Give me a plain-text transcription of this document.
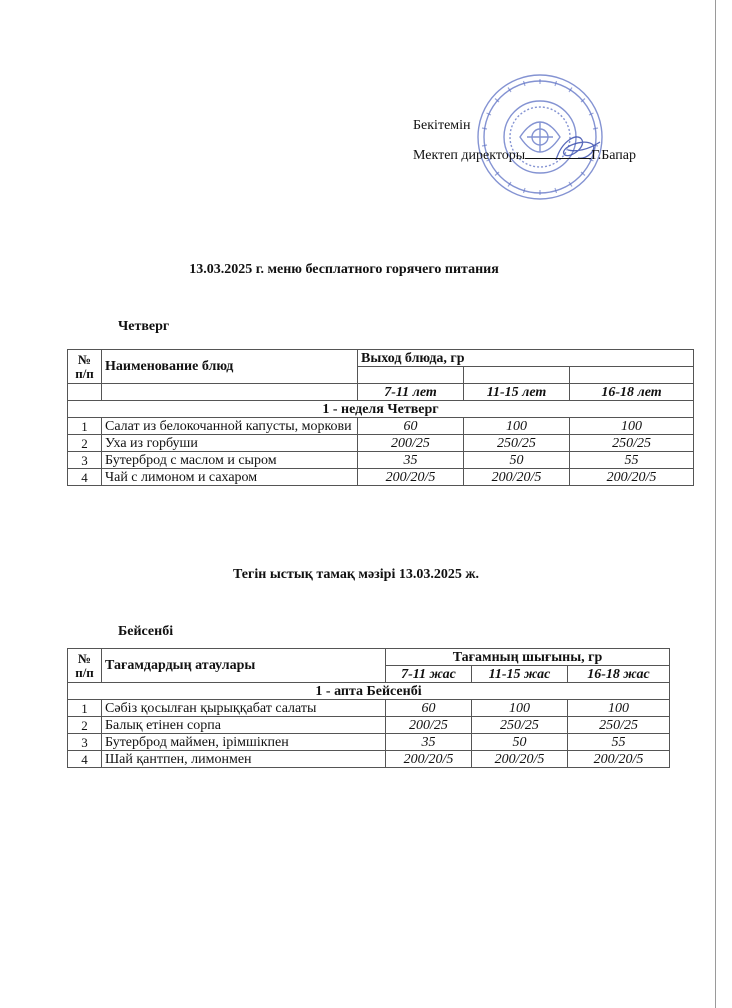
Бекітемін
Мектеп директоры	Г.Бапар
13.03.2025 г. меню бесплатного горячего питания
Четверг
№ п/п	Наименование блюд	Выход блюда, гр		

		7-11 лет	11-15 лет	16-18 лет
1 - неделя Четверг				
1	Салат из белокочанной капусты, моркови	60	100	100
2	Уха из горбуши	200/25	250/25	250/25
3	Бутерброд с маслом и сыром	35	50	55
4	Чай с лимоном и сахаром	200/20/5	200/20/5	200/20/5
Тегін ыстық тамақ мәзірі 13.03.2025 ж.
Бейсенбі
№ п/п	Тағамдардың атаулары	Тағамның шығыны, гр		
		7-11 жас	11-15 жас	16-18 жас
1 - апта Бейсенбі				
1	Сәбіз қосылған қырыққабат салаты	60	100	100
2	Балық етінен сорпа	200/25	250/25	250/25
3	Бутерброд маймен, ірімшікпен	35	50	55
4	Шай қантпен, лимонмен	200/20/5	200/20/5	200/20/5
